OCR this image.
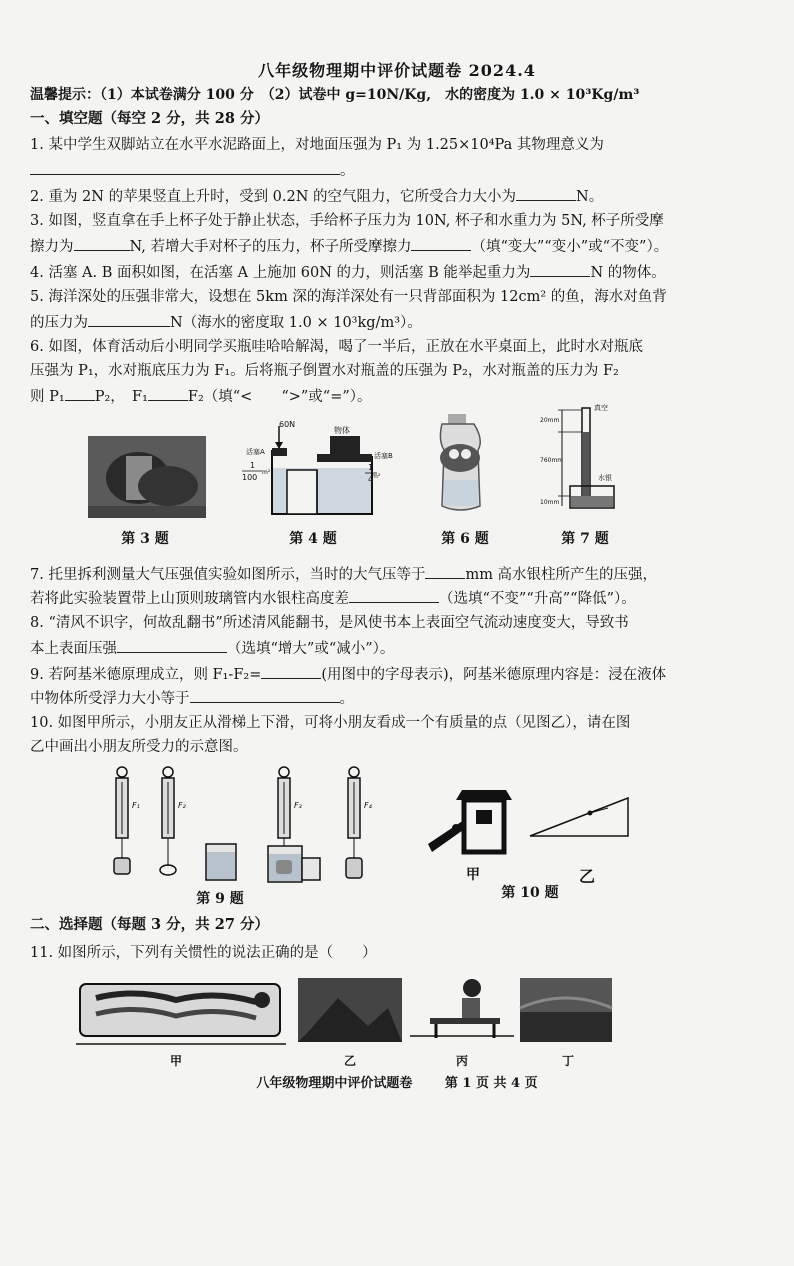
八年级物理期中评价试题卷 2024.4
温馨提示：（1）本试卷满分 100 分　（2）试卷中 g=10N/Kg,　水的密度为 1.0 × 10³Kg/m³
一、填空题（每空 2 分，共 28 分）
1. 某中学生双脚站立在水平水泥路面上，对地面压强为 P₁ 为 1.25×10⁴Pa 其物理意义为
。
2. 重为 2N 的苹果竖直上升时，受到 0.2N 的空气阻力，它所受合力大小为	N。
3. 如图，竖直拿在手上杯子处于静止状态，手给杯子压力为 10N, 杯子和水重力为 5N, 杯子所受摩
擦力为	N, 若增大手对杯子的压力，杯子所受摩擦力	（填“变大”“变小”或“不变”）。
4. 活塞 A. B 面积如图，在活塞 A 上施加 60N 的力，则活塞 B 能举起重力为	N 的物体。
5. 海洋深处的压强非常大，设想在 5km 深的海洋深处有一只背部面积为 12cm² 的鱼，海水对鱼背
的压力为	N（海水的密度取 1.0 × 10³kg/m³）。
6. 如图，体育活动后小明同学买瓶哇哈哈解渴，喝了一半后，正放在水平桌面上，此时水对瓶底
压强为 P₁，水对瓶底压力为 F₁。后将瓶子倒置水对瓶盖的压强为 P₂，水对瓶盖的压力为 F₂
则 P₁ P₂，　F₁	F₂（填“<　　“>”或“=”）。
第 3 题
60N
物体
活塞A	活塞B
1
100
m²
1
4
m²
第 4 题	第 6 题
真空
20mm
760mm
10mm
水银
第 7 题
7. 托里拆利测量大气压强值实验如图所示，当时的大气压等于	mm 高水银柱所产生的压强，
若将此实验装置带上山顶则玻璃管内水银柱高度差	（选填“不变”“升高”“降低”）。
8. “清风不识字，何故乱翻书”所述清风能翻书，是风使书本上表面空气流动速度变大，导致书
本上表面压强	（选填“增大”或“减小”）。
9. 若阿基米德原理成立，则 F₁-F₂=	(用图中的字母表示)，阿基米德原理内容是：浸在液体
中物体所受浮力大小等于	。
10. 如图甲所示，小朋友正从滑梯上下滑，可将小朋友看成一个有质量的点（见图乙），请在图
乙中画出小朋友所受力的示意图。
F₁	F₂	F₃	F₄
第 9 题
甲	乙
第 10 题
二、选择题（每题 3 分，共 27 分）
11. 如图所示，下列有关惯性的说法正确的是（　　）
甲	乙	丙	丁
八年级物理期中评价试题卷	第 1 页 共 4 页
